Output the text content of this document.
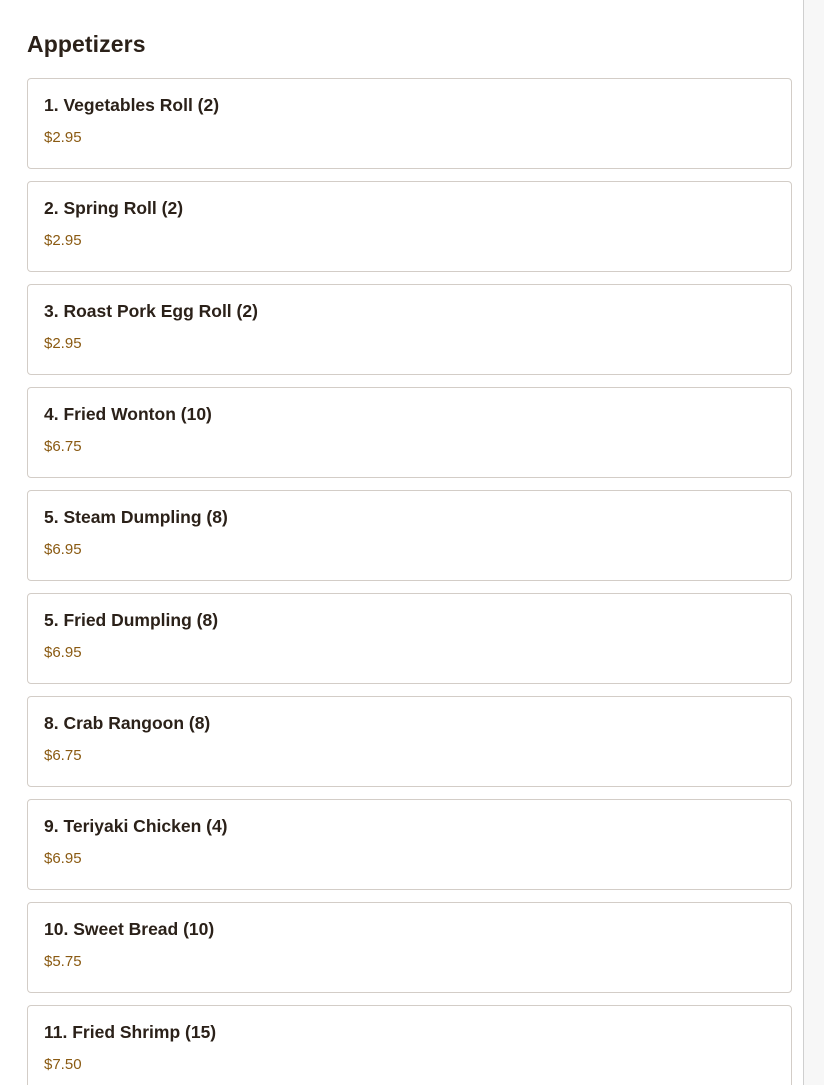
Appetizers
1. Vegetables Roll (2)
$2.95
2. Spring Roll (2)
$2.95
3. Roast Pork Egg Roll (2)
$2.95
4. Fried Wonton (10)
$6.75
5. Steam Dumpling (8)
$6.95
5. Fried Dumpling (8)
$6.95
8. Crab Rangoon (8)
$6.75
9. Teriyaki Chicken (4)
$6.95
10. Sweet Bread (10)
$5.75
11. Fried Shrimp (15)
$7.50
